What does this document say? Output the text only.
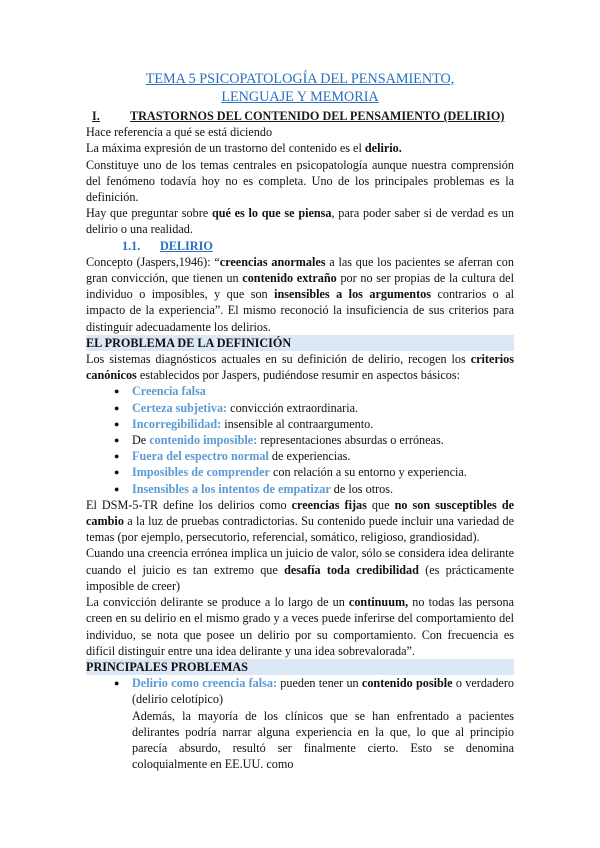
TEMA 5 PSICOPATOLOGÍA DEL PENSAMIENTO,
LENGUAJE Y MEMORIA
I.	TRASTORNOS DEL CONTENIDO DEL PENSAMIENTO (DELIRIO)

Hace referencia a qué se está diciendo

La máxima expresión de un trastorno del contenido es el delirio.

Constituye uno de los temas centrales en psicopatología aunque nuestra comprensión del fenómeno todavía hoy no es completa. Uno de los principales problemas es la definición.

Hay que preguntar sobre qué es lo que se piensa, para poder saber si de verdad es un delirio o una realidad.

1.1. DELIRIO

Concepto (Jaspers,1946): “creencias anormales a las que los pacientes se aferran con gran convicción, que tienen un contenido extraño por no ser propias de la cultura del individuo o imposibles, y que son insensibles a los argumentos contrarios o al impacto de la experiencia”. El mismo reconoció la insuficiencia de sus criterios para distinguir adecuadamente los delirios.

EL PROBLEMA DE LA DEFINICIÓN

Los sistemas diagnósticos actuales en su definición de delirio, recogen los criterios canónicos establecidos por Jaspers, pudiéndose resumir en aspectos básicos:

● Creencia falsa
● Certeza subjetiva: convicción extraordinaria.
● Incorregibilidad: insensible al contraargumento.
● De contenido imposible: representaciones absurdas o erróneas.
● Fuera del espectro normal de experiencias.
● Imposibles de comprender con relación a su entorno y experiencia.
● Insensibles a los intentos de empatizar de los otros.

El DSM-5-TR define los delirios como creencias fijas que no son susceptibles de cambio a la luz de pruebas contradictorias. Su contenido puede incluir una variedad de temas (por ejemplo, persecutorio, referencial, somático, religioso, grandiosidad).

Cuando una creencia errónea implica un juicio de valor, sólo se considera idea delirante cuando el juicio es tan extremo que desafía toda credibilidad (es prácticamente imposible de creer)

La convicción delirante se produce a lo largo de un continuum, no todas las persona creen en su delirio en el mismo grado y a veces puede inferirse del comportamiento del individuo, se nota que posee un delirio por su comportamiento. Con frecuencia es difícil distinguir entre una idea delirante y una idea sobrevalorada”.

PRINCIPALES PROBLEMAS
● Delirio como creencia falsa: pueden tener un contenido posible o verdadero (delirio celotípico)

Además, la mayoría de los clínicos que se han enfrentado a pacientes delirantes podría narrar alguna experiencia en la que, lo que al principio parecía absurdo, resultó ser finalmente cierto. Esto se denomina coloquialmente en EE.UU. como
